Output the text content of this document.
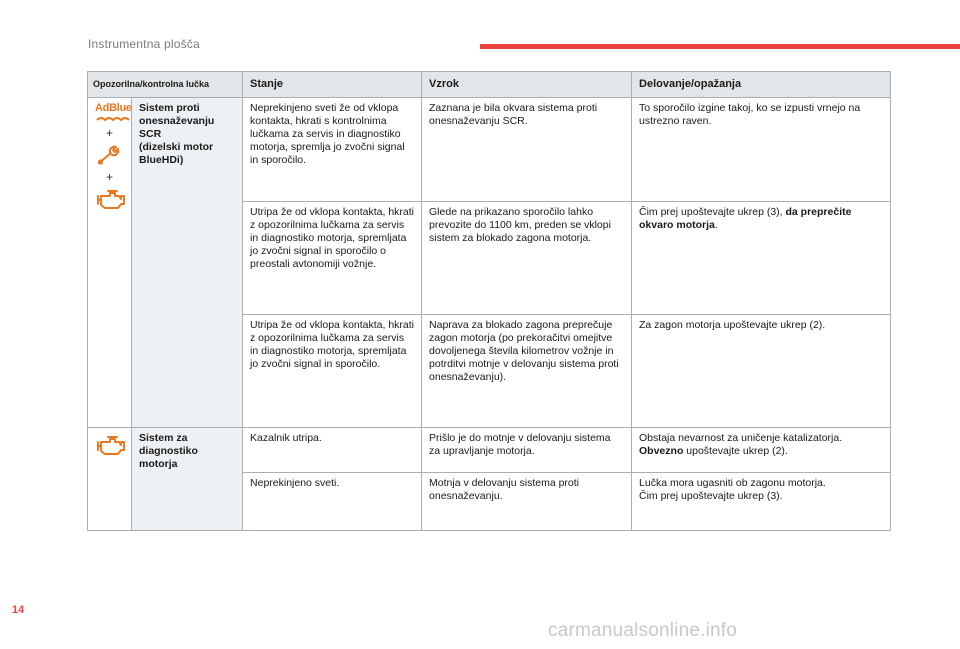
Instrumentna plošča
Opozorilna/kontrolna lučka		Stanje	Vzrok	Delovanje/opažanja
AdBlue
+
+	Sistem proti
onesnaževanju
SCR
(dizelski motor
BlueHDi)	Neprekinjeno sveti že od vklopa kontakta, hkrati s kontrolnima lučkama za servis in diagnostiko motorja, spremlja jo zvočni signal in sporočilo.	Zaznana je bila okvara sistema proti onesnaževanju SCR.	To sporočilo izgine takoj, ko se izpusti vrnejo na ustrezno raven.
		Utripa že od vklopa kontakta, hkrati z opozorilnima lučkama za servis in diagnostiko motorja, spremljata jo zvočni signal in sporočilo o preostali avtonomiji vožnje.	Glede na prikazano sporočilo lahko prevozite do 1100 km, preden se vklopi sistem za blokado zagona motorja.	Čim prej upoštevajte ukrep (3), da preprečite okvaro motorja.
		Utripa že od vklopa kontakta, hkrati z opozorilnima lučkama za servis in diagnostiko motorja, spremljata jo zvočni signal in sporočilo.	Naprava za blokado zagona preprečuje zagon motorja (po prekoračitvi omejitve dovoljenega števila kilometrov vožnje in potrditvi motnje v delovanju sistema proti onesnaževanju).	Za zagon motorja upoštevajte ukrep (2).

Sistem za
diagnostiko
motorja	Kazalnik utripa.	Prišlo je do motnje v delovanju sistema za upravljanje motorja.	Obstaja nevarnost za uničenje katalizatorja.
Obvezno upoštevajte ukrep (2).
		Neprekinjeno sveti.	Motnja v delovanju sistema proti onesnaževanju.	Lučka mora ugasniti ob zagonu motorja.
Čim prej upoštevajte ukrep (3).
14
carmanualsonline.info
